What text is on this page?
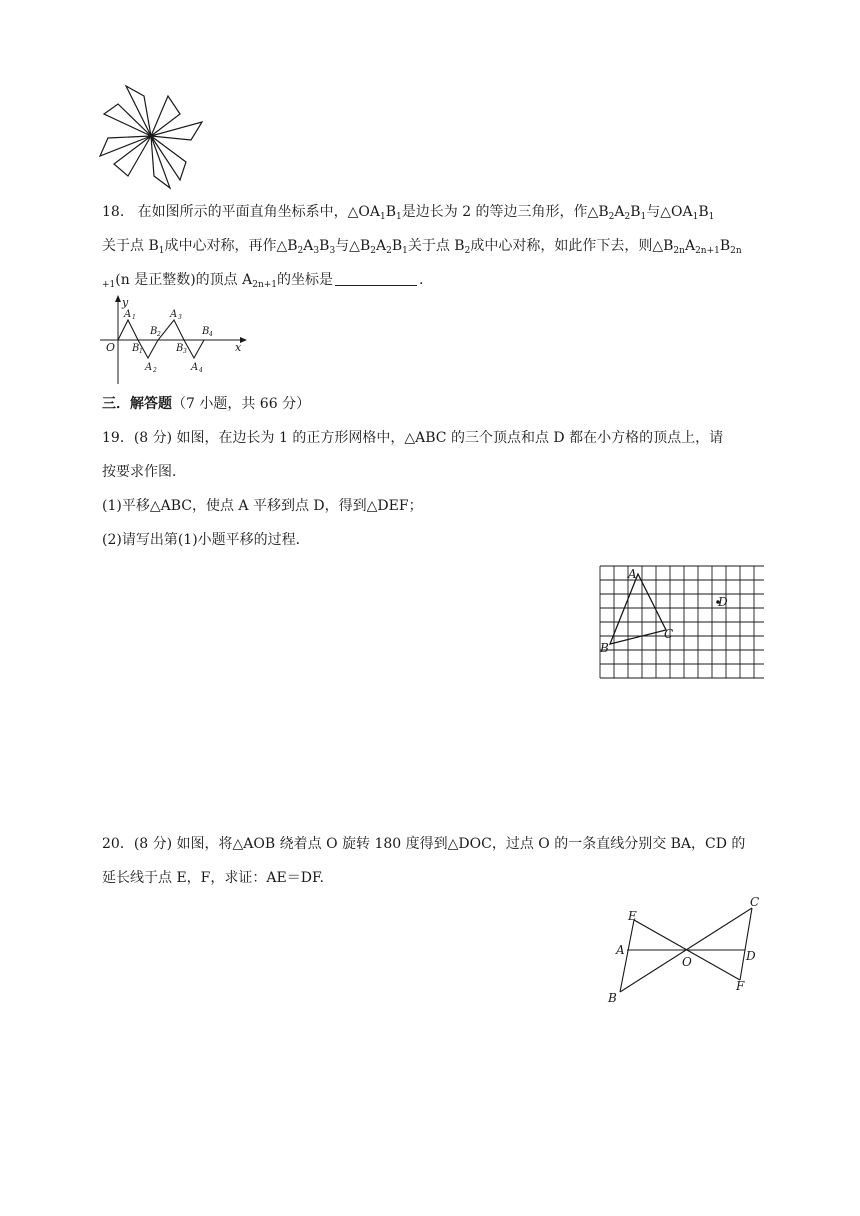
18. 在如图所示的平面直角坐标系中，$\triangle OA_1B_1$是边长为 2 的等边三角形，作$\triangle B_2A_2B_1$与$\triangle OA_1B_1$
关于点 $B_1$成中心对称，再作$\triangle B_2A_3B_3$与$\triangle B_2A_2B_1$关于点 $B_2$成中心对称，如此作下去，则$\triangle B_{2n}A_{2n+1}B_{2n}$
$_{+1}$(n 是正整数)的顶点 $A_{2n+1}$的坐标是	.
y
x
O
A 1
B 1
A 2
B 2
A 3
B 3
A 4
B 4
三．解答题（7 小题，共 66 分）
19．(8 分) 如图，在边长为 1 的正方形网格中，△ABC 的三个顶点和点 D 都在小方格的顶点上，请
按要求作图．
(1)平移△ABC，使点 A 平移到点 D，得到△DEF；
(2)请写出第(1)小题平移的过程．
A
B
C
D
20．(8 分) 如图，将△AOB 绕着点 O 旋转 180 度得到△DOC，过点 O 的一条直线分别交 BA，CD 的
延长线于点 E，F，求证：AE＝DF.
E
A
B
O
C
D
F
